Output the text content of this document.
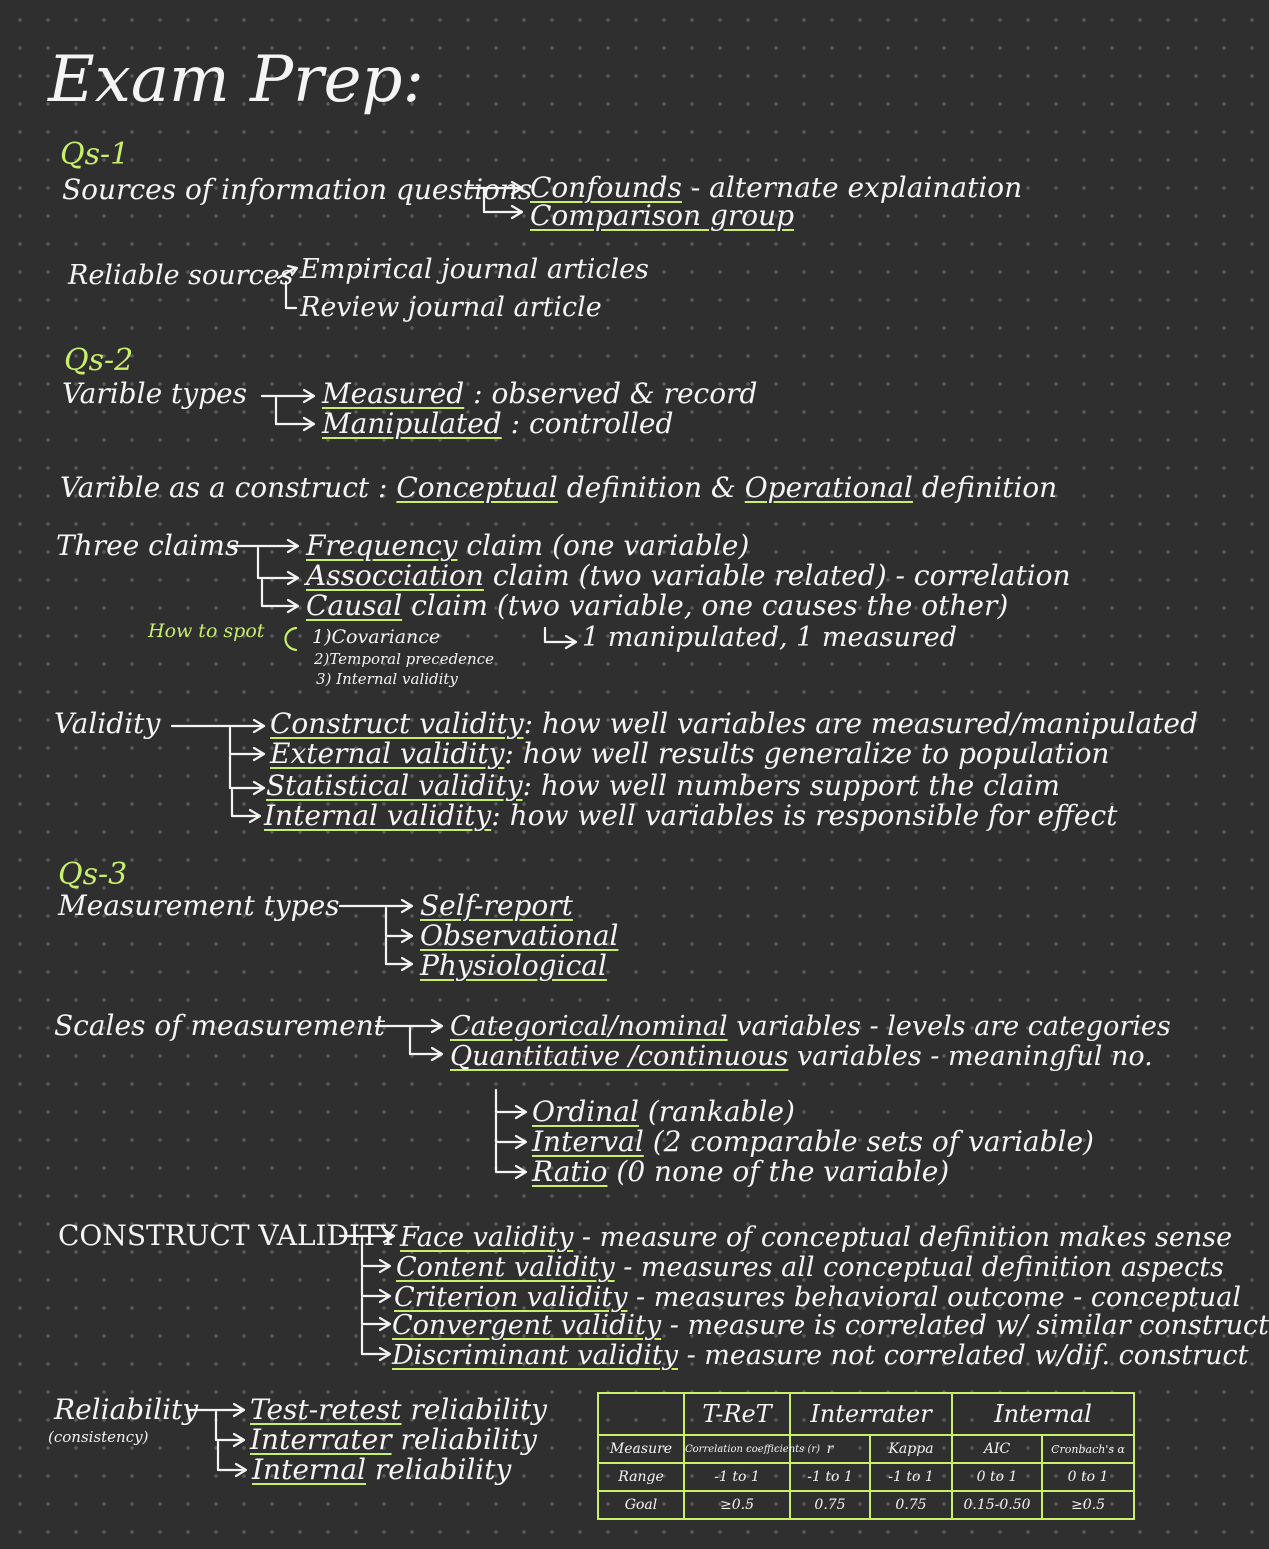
Exam Prep:
Qs-1
Sources of information questions
Confounds - alternate explaination
Comparison group
Reliable sources Empirical journal articles
Review journal article
Qs-2
Varible types	Measured : observed & record
Manipulated : controlled
Varible as a construct : Conceptual definition & Operational definition
Three claims Frequency claim (one variable)
Assocciation claim (two variable related) - correlation
Causal claim (two variable, one causes the other)
How to spot	1)Covariance
2)Temporal precedence
3) Internal validity
1 manipulated, 1 measured
Validity	Construct validity: how well variables are measured/manipulated
External validity: how well results generalize to population
Statistical validity: how well numbers support the claim
Internal validity: how well variables is responsible for effect
Qs-3
Measurement types	Self-report
Observational
Physiological
Scales of measurement Categorical/nominal variables - levels are categories
Quantitative /continuous variables - meaningful no.
Ordinal (rankable)
Interval (2 comparable sets of variable)
Ratio (0 none of the variable)
CONSTRUCT VALIDITY Face validity - measure of conceptual definition makes sense
Content validity - measures all conceptual definition aspects
Criterion validity - measures behavioral outcome - conceptual
Convergent validity - measure is correlated w/ similar construct
Discriminant validity - measure not correlated w/dif. construct
Reliability
(consistency)
Test-retest reliability
Interrater reliability
Internal reliability
	T-ReT	Interrater		Internal	
Measure	Correlation coefficients (r)	r	Kappa	AIC	Cronbach's α
Range	-1 to 1	-1 to 1	-1 to 1	0 to 1	0 to 1
Goal	≥0.5	0.75	0.75	0.15-0.50	≥0.5
